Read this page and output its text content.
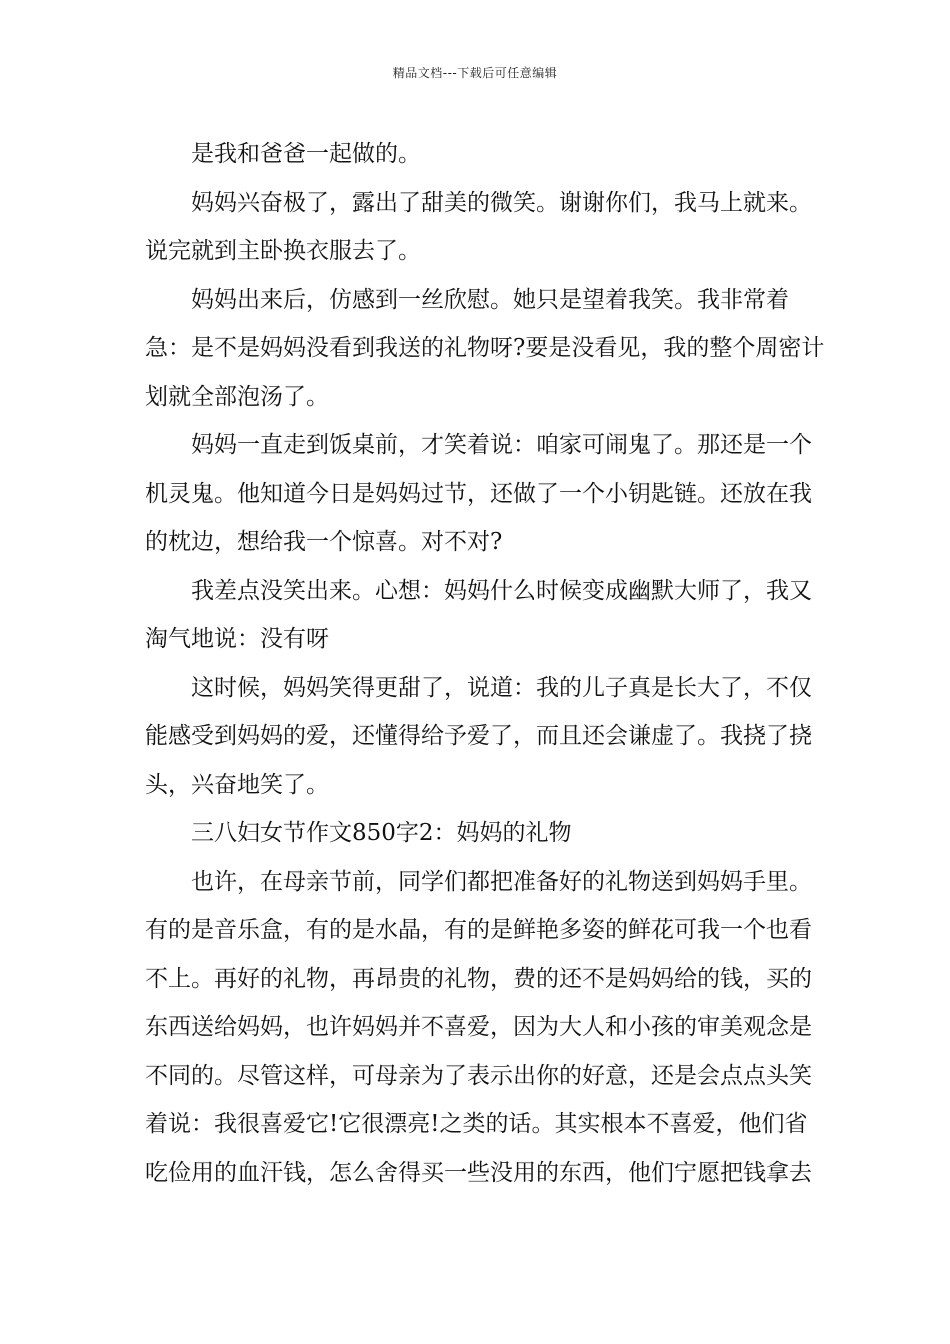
精品文档---下载后可任意编辑

是我和爸爸一起做的。

妈妈兴奋极了，露出了甜美的微笑。谢谢你们，我马上就来。说完就到主卧换衣服去了。

妈妈出来后，仿感到一丝欣慰。她只是望着我笑。我非常着急：是不是妈妈没看到我送的礼物呀?要是没看见，我的整个周密计划就全部泡汤了。

妈妈一直走到饭桌前，才笑着说：咱家可闹鬼了。那还是一个机灵鬼。他知道今日是妈妈过节，还做了一个小钥匙链。还放在我的枕边，想给我一个惊喜。对不对?

我差点没笑出来。心想：妈妈什么时候变成幽默大师了，我又淘气地说：没有呀

这时候，妈妈笑得更甜了，说道：我的儿子真是长大了，不仅能感受到妈妈的爱，还懂得给予爱了，而且还会谦虚了。我挠了挠头，兴奋地笑了。

三八妇女节作文850字2：妈妈的礼物

也许，在母亲节前，同学们都把准备好的礼物送到妈妈手里。有的是音乐盒，有的是水晶，有的是鲜艳多姿的鲜花可我一个也看不上。再好的礼物，再昂贵的礼物，费的还不是妈妈给的钱，买的东西送给妈妈，也许妈妈并不喜爱，因为大人和小孩的审美观念是不同的。尽管这样，可母亲为了表示出你的好意，还是会点点头笑着说：我很喜爱它!它很漂亮!之类的话。其实根本不喜爱，他们省吃俭用的血汗钱，怎么舍得买一些没用的东西，他们宁愿把钱拿去
